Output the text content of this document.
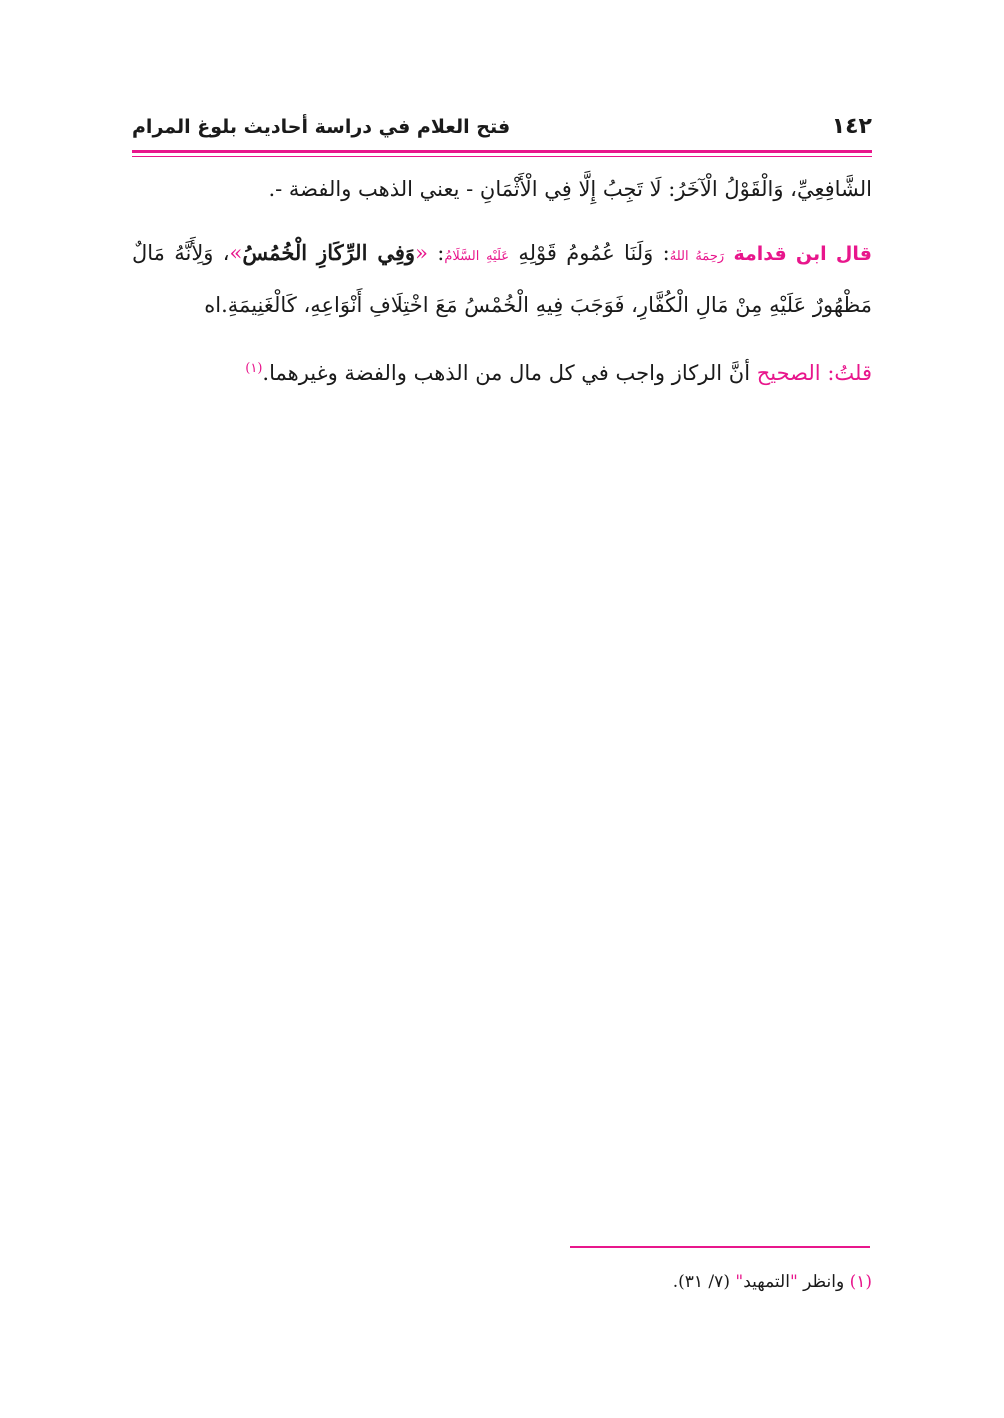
١٤٢
فتح العلام في دراسة أحاديث بلوغ المرام

الشَّافِعِيِّ، وَالْقَوْلُ الْآخَرُ: لَا تَجِبُ إِلَّا فِي الْأَثْمَانِ - يعني الذهب والفضة -.

قال ابن قدامة رَحِمَهُ اللهُ: وَلَنَا عُمُومُ قَوْلِهِ عَلَيْهِ السَّلَامُ: «وَفِي الرِّكَازِ الْخُمُسُ»، وَلِأَنَّهُ مَالٌ مَظْهُورٌ عَلَيْهِ مِنْ مَالِ الْكُفَّارِ، فَوَجَبَ فِيهِ الْخُمْسُ مَعَ اخْتِلَافِ أَنْوَاعِهِ، كَالْغَنِيمَةِ.اه

قلتُ: الصحيح أنَّ الركاز واجب في كل مال من الذهب والفضة وغيرهما.$^{(١)}$

(١) وانظر "التمهيد" (٧/ ٣١).
